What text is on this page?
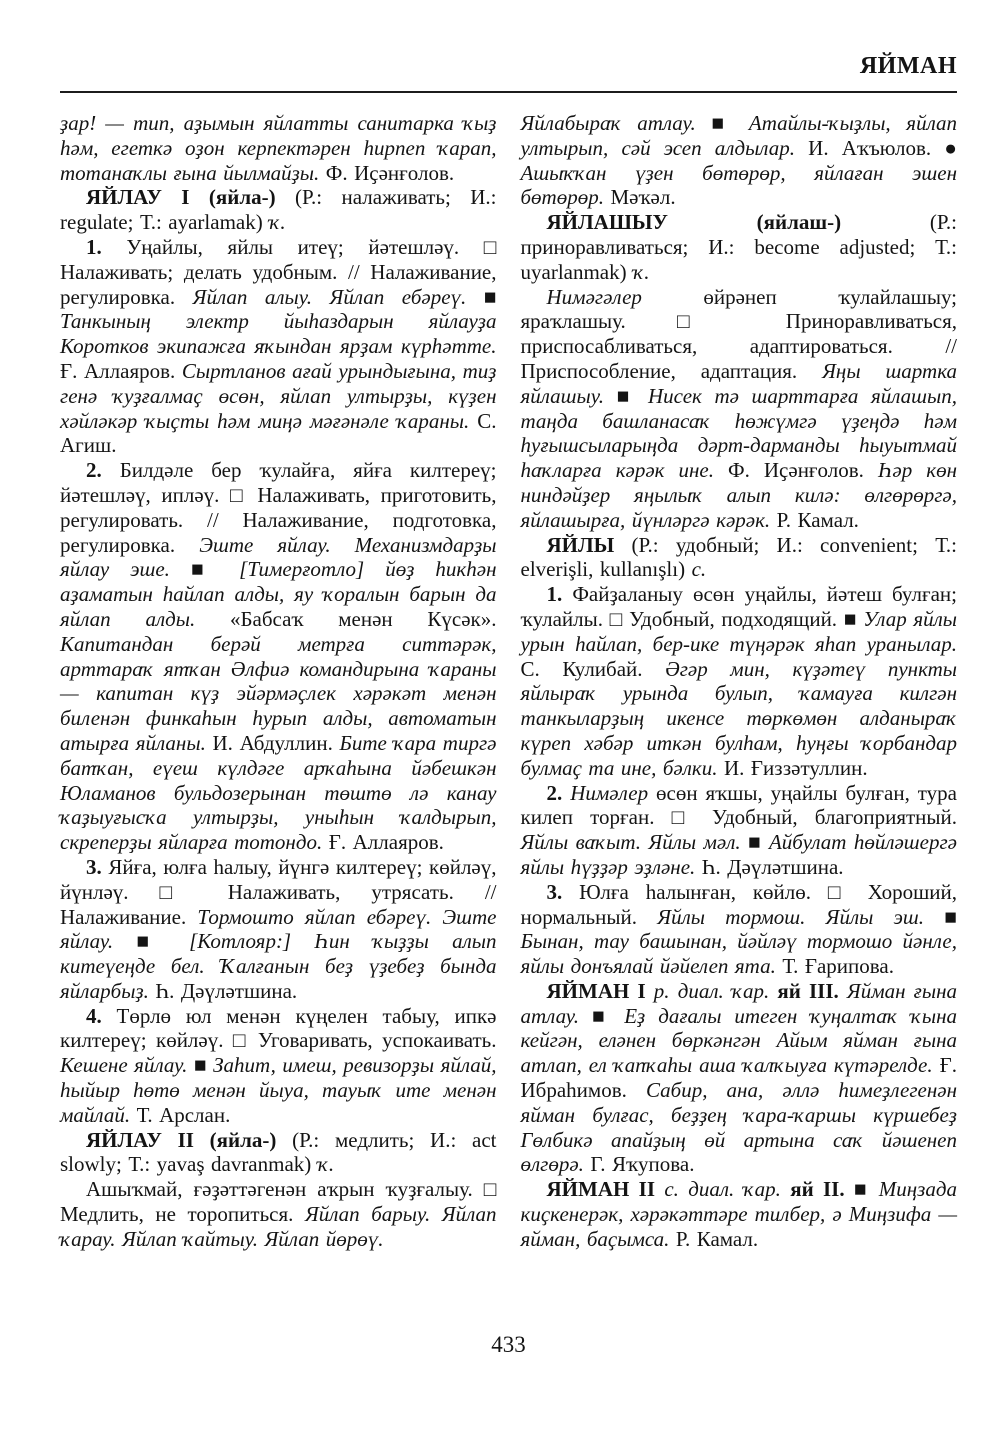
ЯЙМАН

ҙар! — тип, аҙымын яйлатты санитарка ҡыҙ һәм, егеткә оҙон керпектәрен һирпеп ҡарап, тотанаҡлы ғына йылмайҙы. Ф. Иҫәнғолов.

ЯЙЛАУ I (яйла-) (Р.: налаживать; И.: regulate; Т.: ayarlamak) ҡ.

1. Уңайлы, яйлы итеү; йәтешләү. □ Налаживать; делать удобным. // Налаживание, регулировка. Яйлап алыу. Яйлап ебәреү. ■ Танкының электр йыһаздарын яйлауҙа Коротков экипажға яҡындан ярҙам күрһәтте. Ғ. Аллаяров. Сыртланов ағай урындығына, тиҙ генә ҡуҙғалмаҫ өсөн, яйлап ултырҙы, күҙен хәйләкәр ҡыҫты һәм миңә мәғәнәле ҡараны. С. Агиш.

2. Билдәле бер ҡулайға, яйға килтереү; йәтешләү, ипләү. □ Налаживать, приготовить, регулировать. // Налаживание, подготовка, регулировка. Эште яйлау. Механизмдарҙы яйлау эше. ■ [Тимерғотло] йөҙ һикһән аҙаматын һайлап алды, яу ҡоралын барын да яйлап алды. «Бабсаҡ менән Күсәк». Капитандан берәй метрға ситтәрәк, арттараҡ ятҡан Әлфиә командирына ҡараны — капитан күҙ эйәрмәҫлек хәрәкәт менән биленән финкаһын һурып алды, автоматын атырға яйланы. И. Абдуллин. Бите ҡара тиргә батҡан, еүеш күлдәге арҡаһына йәбешкән Юламанов бульдозерынан төштө лә канау ҡаҙыуғысҡа ултырҙы, уныһын ҡалдырып, скреперҙы яйларға тотондо. Ғ. Аллаяров.

3. Яйға, юлға һалыу, йүнгә килтереү; көйләү, йүнләү. □ Налаживать, утрясать. // Налаживание. Тормошто яйлап ебәреү. Эште яйлау. ■ [Котлояр:] Һин ҡыҙҙы алып китеүеңде бел. Ҡалғанын беҙ үҙебеҙ бында яйларбыҙ. Һ. Дәүләтшина.

4. Төрлө юл менән күңелен табыу, ипкә килтереү; көйләү. □ Уговаривать, успокаивать. Кешене яйлау. ■ Заһит, имеш, ревизорҙы яйлай, һыйыр һөтө менән йыуа, тауыҡ ите менән майлай. Т. Арслан.

ЯЙЛАУ II (яйла-) (Р.: медлить; И.: act slowly; Т.: yavaş davranmak) ҡ.

Ашыҡмай, ғәҙәттәгенән аҡрын ҡуҙғалыу. □ Медлить, не торопиться. Яйлап барыу. Яйлап ҡарау. Яйлап ҡайтыу. Яйлап йөрөү.

Яйлабыраҡ атлау. ■ Атайлы-ҡыҙлы, яйлап ултырып, сәй эсеп алдылар. И. Аҡъюлов. ● Ашыҡҡан үҙен бөтөрөр, яйлаған эшен бөтөрөр. Мәҡәл.

ЯЙЛАШЫУ (яйлаш-) (Р.: приноравливаться; И.: become adjusted; Т.: uyarlanmak) ҡ.

Нимәгәлер өйрәнеп ҡулайлашыу; яраҡлашыу. □ Приноравливаться, приспосабливаться, адаптироваться. // Приспособление, адаптация. Яңы шартка яйлашыу. ■ Нисек тә шарттарға яйлашып, таңда башланасаҡ һөжүмгә үҙеңдә һәм һуғышсыларыңда дәрт-дарманды һыуытмай һаҡларға кәрәк ине. Ф. Иҫәнғолов. Һәр көн ниндәйҙер яңылыҡ алып килә: өлгөрөргә, яйлашырға, йүнләргә кәрәк. Р. Камал.

ЯЙЛЫ (Р.: удобный; И.: convenient; Т.: elverişli, kullanışlı) с.

1. Файҙаланыу өсөн уңайлы, йәтеш булған; ҡулайлы. □ Удобный, подходящий. ■ Улар яйлы урын һайлап, бер-ике түңәрәк яһап уранылар. С. Кулибай. Әгәр мин, күҙәтеү пункты яйлыраҡ урында булып, ҡамауға килгән танкыларҙың икенсе төркөмөн алданыраҡ күреп хәбәр иткән булһам, һуңғы ҡорбандар булмаҫ та ине, бәлки. И. Ғиззәтуллин.

2. Нимәлер өсөн яҡшы, уңайлы булған, тура килеп торған. □ Удобный, благоприятный. Яйлы ваҡыт. Яйлы мәл. ■ Айбулат һөйләшергә яйлы һүҙҙәр эҙләне. Һ. Дәүләтшина.

3. Юлға һалынған, көйлө. □ Хороший, нормальный. Яйлы тормош. Яйлы эш. ■ Бынан, тау башынан, йәйләү тормошо йәнле, яйлы донъялай йәйелеп ята. Т. Ғарипова.

ЯЙМАН I р. диал. ҡар. яй III. Яйман ғына атлау. ■ Еҙ дағалы итеген ҡуңалтаҡ ҡына кейгән, еләнен бөркәнгән Айым яйман ғына атлап, ел ҡапҡаһы аша ҡалҡыуға күтәрелде. Ғ. Ибраһимов. Сабир, ана, әллә һимеҙлегенән яйман булғас, беҙҙең ҡара-ҡаршы күршебеҙ Гөлбикә апайҙың өй артына саҡ йәшенеп өлгөрә. Г. Яҡупова.

ЯЙМАН II с. диал. ҡар. яй II. ■ Миңзада киҫкенерәк, хәрәкәттәре тилбер, ә Миңзифа — яйман, баҫымса. Р. Камал.

433
